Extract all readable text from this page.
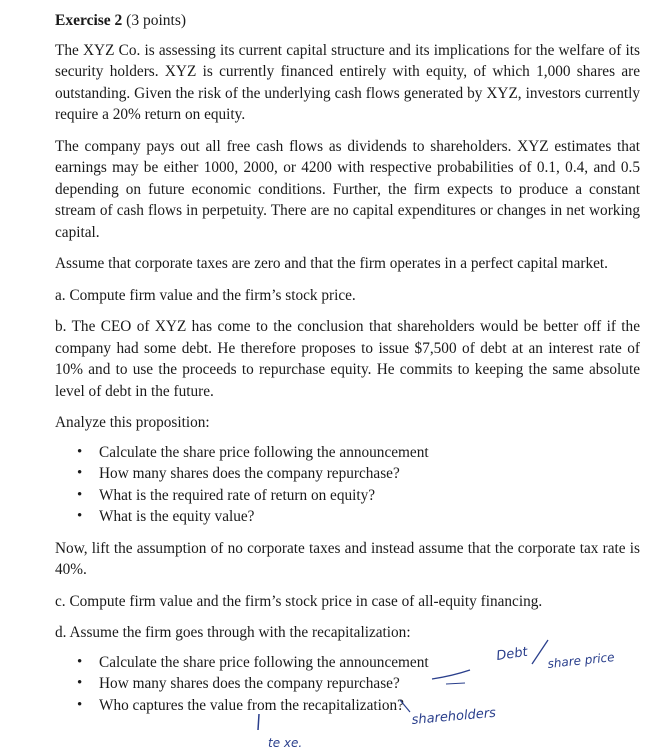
Exercise 2 (3 points)

The XYZ Co. is assessing its current capital structure and its implications for the welfare of its security holders. XYZ is currently financed entirely with equity, of which 1,000 shares are outstanding. Given the risk of the underlying cash flows generated by XYZ, investors currently require a 20% return on equity.

The company pays out all free cash flows as dividends to shareholders. XYZ estimates that earnings may be either 1000, 2000, or 4200 with respective probabilities of 0.1, 0.4, and 0.5 depending on future economic conditions. Further, the firm expects to produce a constant stream of cash flows in perpetuity. There are no capital expenditures or changes in net working capital.

Assume that corporate taxes are zero and that the firm operates in a perfect capital market.

a. Compute firm value and the firm’s stock price.

b. The CEO of XYZ has come to the conclusion that shareholders would be better off if the company had some debt. He therefore proposes to issue $7,500 of debt at an interest rate of 10% and to use the proceeds to repurchase equity. He commits to keeping the same absolute level of debt in the future.

Analyze this proposition:

• Calculate the share price following the announcement
• How many shares does the company repurchase?
• What is the required rate of return on equity?
• What is the equity value?

Now, lift the assumption of no corporate taxes and instead assume that the corporate tax rate is 40%.

c. Compute firm value and the firm’s stock price in case of all-equity financing.

d. Assume the firm goes through with the recapitalization:

• Calculate the share price following the announcement
• How many shares does the company repurchase?
• Who captures the value from the recapitalization?
Debt share price
shareholders
te xe.
